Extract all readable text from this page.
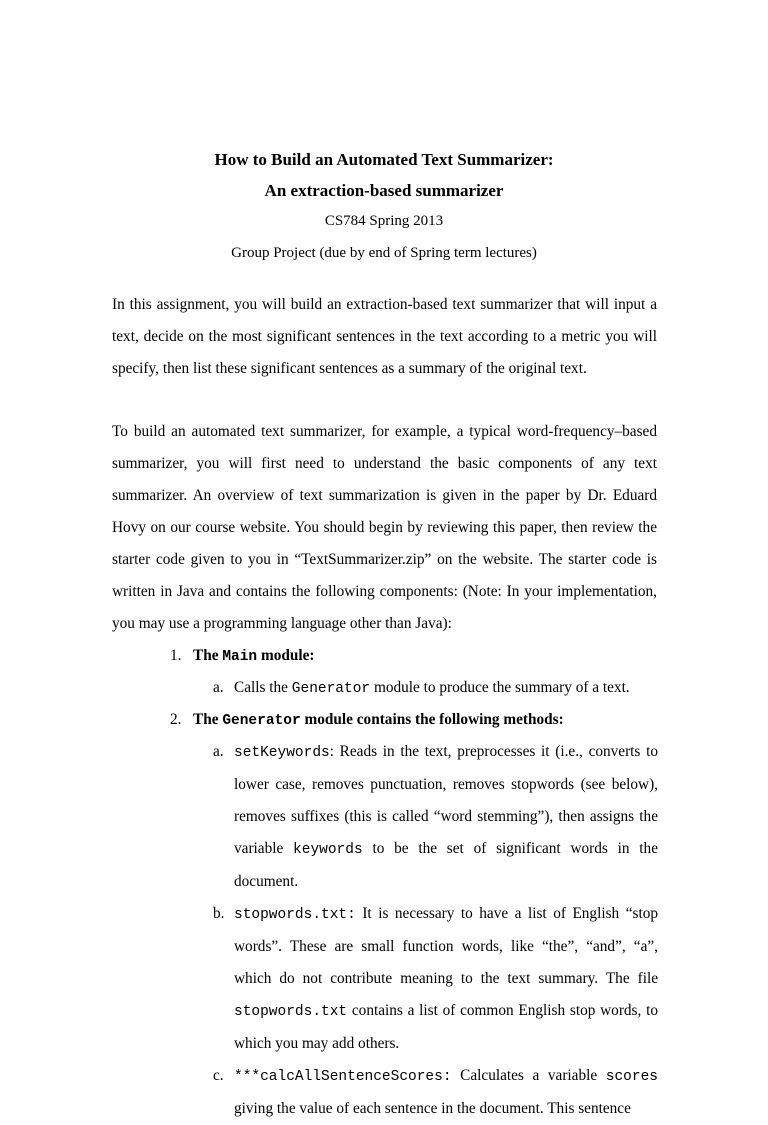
How to Build an Automated Text Summarizer:
An extraction-based summarizer
CS784 Spring 2013
Group Project (due by end of Spring term lectures)
In this assignment, you will build an extraction-based text summarizer that will input a text, decide on the most significant sentences in the text according to a metric you will specify, then list these significant sentences as a summary of the original text.
To build an automated text summarizer, for example, a typical word-frequency–based summarizer, you will first need to understand the basic components of any text summarizer. An overview of text summarization is given in the paper by Dr. Eduard Hovy on our course website. You should begin by reviewing this paper, then review the starter code given to you in “TextSummarizer.zip” on the website. The starter code is written in Java and contains the following components: (Note: In your implementation, you may use a programming language other than Java):
1. The Main module:
a. Calls the Generator module to produce the summary of a text.
2. The Generator module contains the following methods:
a. setKeywords: Reads in the text, preprocesses it (i.e., converts to lower case, removes punctuation, removes stopwords (see below), removes suffixes (this is called “word stemming”), then assigns the variable keywords to be the set of significant words in the document.
b. stopwords.txt: It is necessary to have a list of English “stop words”. These are small function words, like “the”, “and”, “a”, which do not contribute meaning to the text summary. The file stopwords.txt contains a list of common English stop words, to which you may add others.
c. ***calcAllSentenceScores: Calculates a variable scores giving the value of each sentence in the document. This sentence
